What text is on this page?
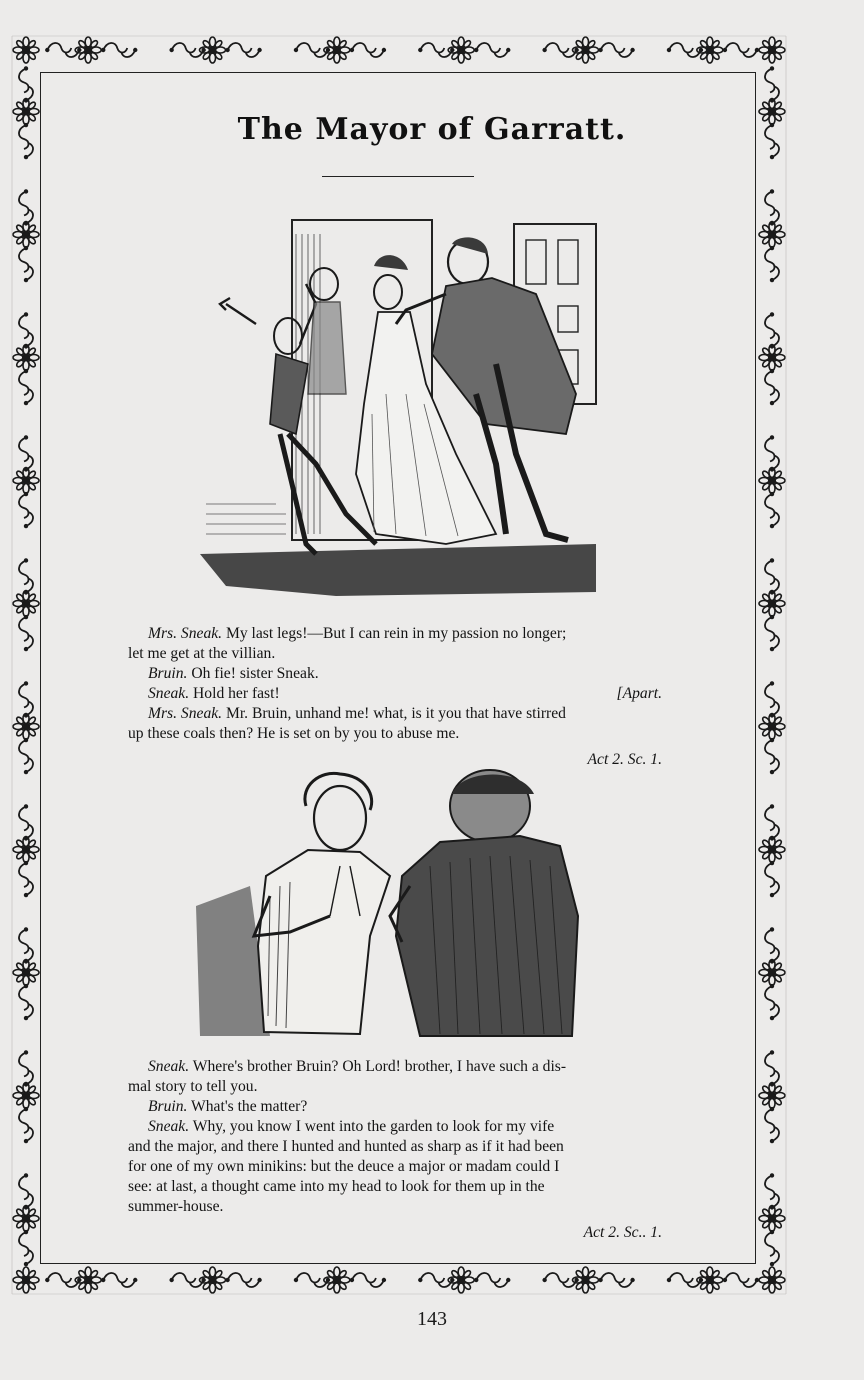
The Mayor of Garratt.

Mrs. Sneak. My last legs!—But I can rein in my passion no longer;

let me get at the villian.

Bruin. Oh fie! sister Sneak.

Sneak. Hold her fast!	[Apart.

Mrs. Sneak. Mr. Bruin, unhand me! what, is it you that have stirred

up these coals then? He is set on by you to abuse me.

Act 2. Sc. 1.

Sneak. Where's brother Bruin? Oh Lord! brother, I have such a dis-

mal story to tell you.

Bruin. What's the matter?

Sneak. Why, you know I went into the garden to look for my vife

and the major, and there I hunted and hunted as sharp as if it had been

for one of my own minikins: but the deuce a major or madam could I

see: at last, a thought came into my head to look for them up in the

summer-house.

Act 2. Sc.. 1.

143
